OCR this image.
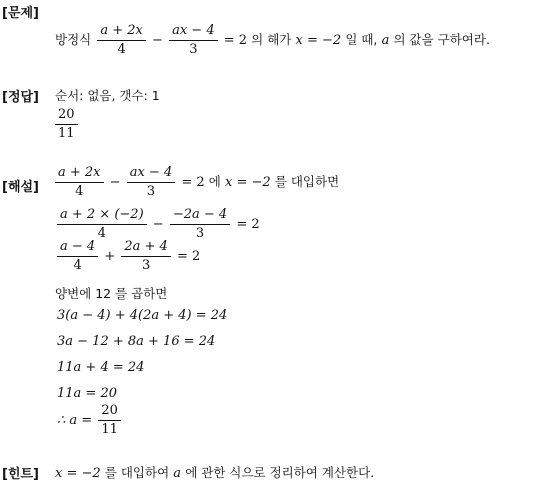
[문제]
방정식 $\frac{a + 2x}{4} - \frac{ax - 4}{3} = 2$ 의 해가 x = −2 일 때, a 의 값을 구하여라.
[정답] 순서: 없음, 갯수: 1
$\frac{20}{11}$
[해설] $\frac{a + 2x}{4} - \frac{ax - 4}{3} = 2$ 에 x = −2 를 대입하면
$\frac{a + 2 \times (-2)}{4} - \frac{-2a - 4}{3} = 2$
$\frac{a - 4}{4} + \frac{2a + 4}{3} = 2$
양변에 12 를 곱하면
3(a − 4) + 4(2a + 4) = 24
3a − 12 + 8a + 16 = 24
11a + 4 = 24
11a = 20
∴ $a = \frac{20}{11}$
[힌트] x = −2 를 대입하여 a 에 관한 식으로 정리하여 계산한다.
